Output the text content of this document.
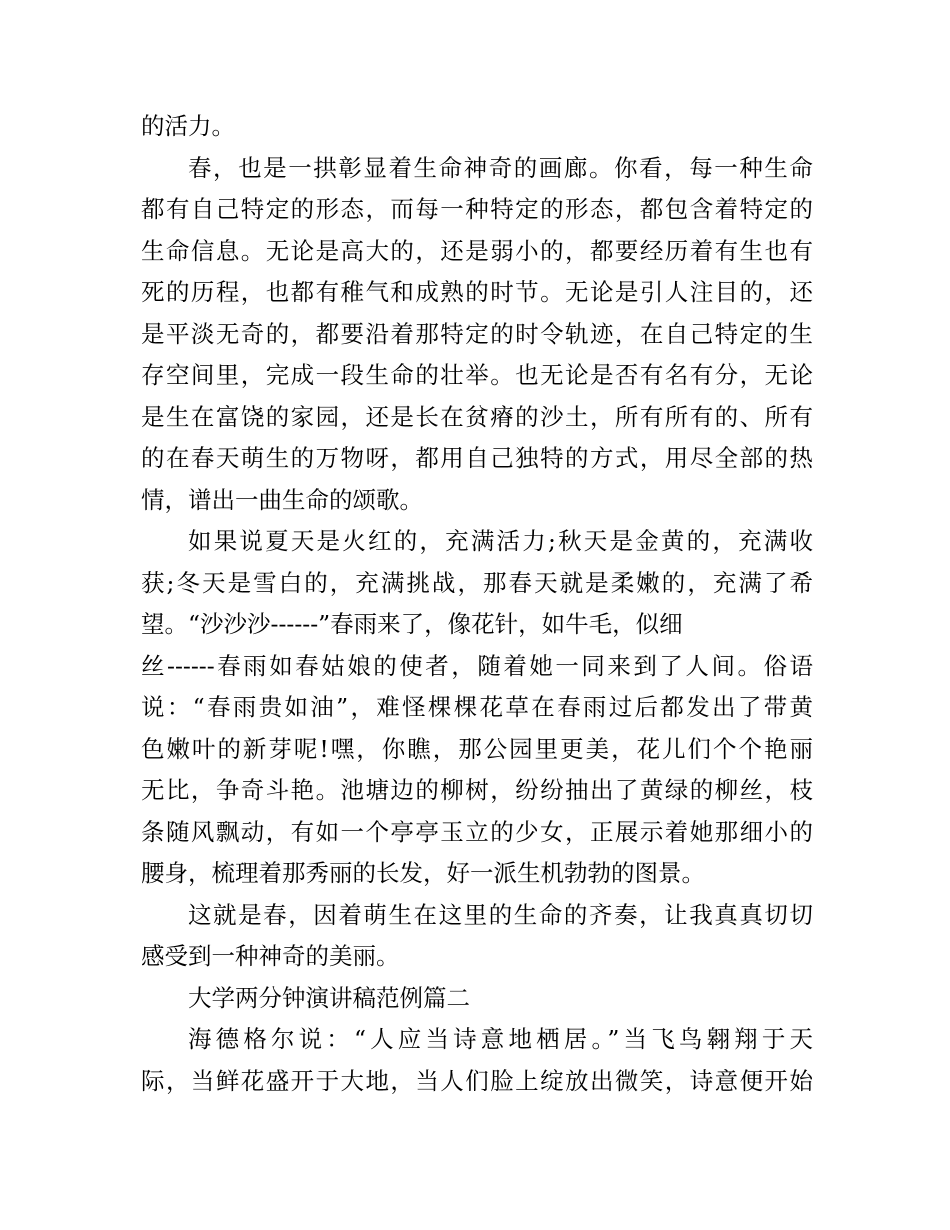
的活力。
春，也是一拱彰显着生命神奇的画廊。你看，每一种生命
都有自己特定的形态，而每一种特定的形态，都包含着特定的
生命信息。无论是高大的，还是弱小的，都要经历着有生也有
死的历程，也都有稚气和成熟的时节。无论是引人注目的，还
是平淡无奇的，都要沿着那特定的时令轨迹，在自己特定的生
存空间里，完成一段生命的壮举。也无论是否有名有分，无论
是生在富饶的家园，还是长在贫瘠的沙土，所有所有的、所有
的在春天萌生的万物呀，都用自己独特的方式，用尽全部的热
情，谱出一曲生命的颂歌。
如果说夏天是火红的，充满活力;秋天是金黄的，充满收
获;冬天是雪白的，充满挑战，那春天就是柔嫩的，充满了希
望。“沙沙沙------”春雨来了，像花针，如牛毛，似细
丝------春雨如春姑娘的使者，随着她一同来到了人间。俗语
说：“春雨贵如油”，难怪棵棵花草在春雨过后都发出了带黄
色嫩叶的新芽呢!嘿，你瞧，那公园里更美，花儿们个个艳丽
无比，争奇斗艳。池塘边的柳树，纷纷抽出了黄绿的柳丝，枝
条随风飘动，有如一个亭亭玉立的少女，正展示着她那细小的
腰身，梳理着那秀丽的长发，好一派生机勃勃的图景。
这就是春，因着萌生在这里的生命的齐奏，让我真真切切
感受到一种神奇的美丽。
大学两分钟演讲稿范例篇二
海德格尔说：“人应当诗意地栖居。”当飞鸟翱翔于天
际，当鲜花盛开于大地，当人们脸上绽放出微笑，诗意便开始
